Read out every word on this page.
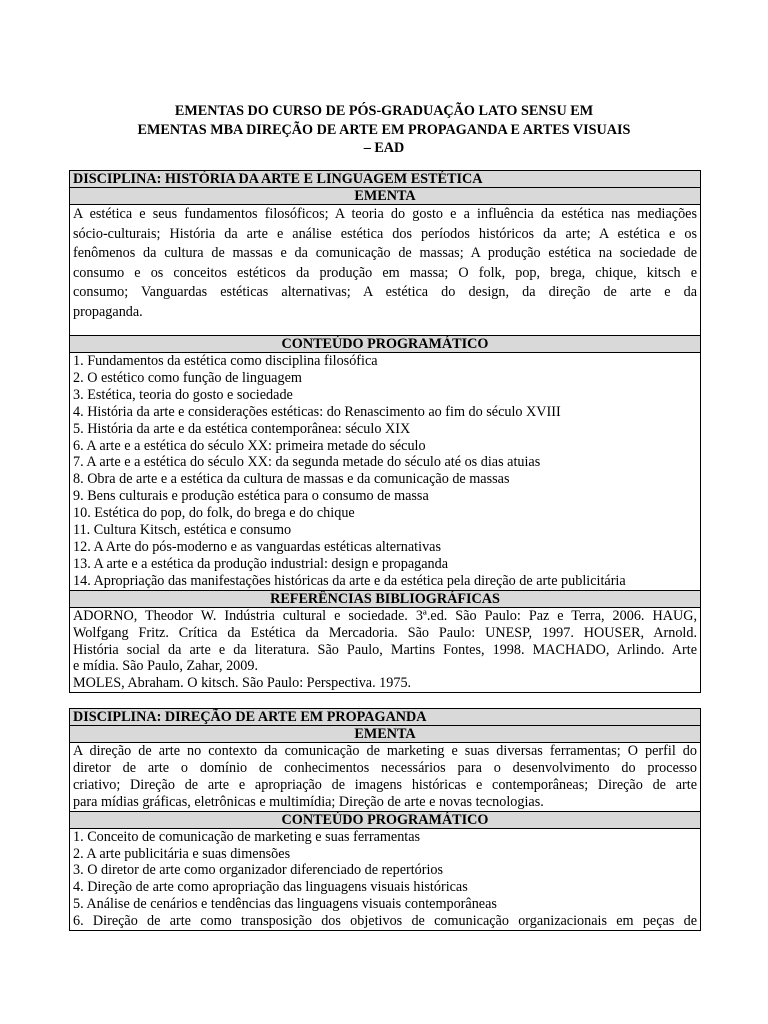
EMENTAS DO CURSO DE PÓS-GRADUAÇÃO LATO SENSU EM
EMENTAS MBA DIREÇÃO DE ARTE EM PROPAGANDA E ARTES VISUAIS
– EAD
DISCIPLINA: HISTÓRIA DA ARTE E LINGUAGEM ESTÉTICA
EMENTA

A estética e seus fundamentos filosóficos; A teoria do gosto e a influência da estética nas mediações
sócio-culturais; História da arte e análise estética dos períodos históricos da arte; A estética e os
fenômenos da cultura de massas e da comunicação de massas; A produção estética na sociedade de
consumo e os conceitos estéticos da produção em massa; O folk, pop, brega, chique, kitsch e
consumo; Vanguardas estéticas alternativas; A estética do design, da direção de arte e da
propaganda.

CONTEÚDO PROGRAMÁTICO

1. Fundamentos da estética como disciplina filosófica
2. O estético como função de linguagem
3. Estética, teoria do gosto e sociedade
4. História da arte e considerações estéticas: do Renascimento ao fim do século XVIII
5. História da arte e da estética contemporânea: século XIX
6. A arte e a estética do século XX: primeira metade do século
7. A arte e a estética do século XX: da segunda metade do século até os dias atuias
8. Obra de arte e a estética da cultura de massas e da comunicação de massas
9. Bens culturais e produção estética para o consumo de massa
10. Estética do pop, do folk, do brega e do chique
11. Cultura Kitsch, estética e consumo
12. A Arte do pós-moderno e as vanguardas estéticas alternativas
13. A arte e a estética da produção industrial: design e propaganda
14. Apropriação das manifestações históricas da arte e da estética pela direção de arte publicitária

REFERÊNCIAS BIBLIOGRÁFICAS

ADORNO, Theodor W. Indústria cultural e sociedade. 3ª.ed. São Paulo: Paz e Terra, 2006. HAUG,
Wolfgang Fritz. Crítica da Estética da Mercadoria. São Paulo: UNESP, 1997. HOUSER, Arnold.
História social da arte e da literatura. São Paulo, Martins Fontes, 1998. MACHADO, Arlindo. Arte
e mídia. São Paulo, Zahar, 2009.
MOLES, Abraham. O kitsch. São Paulo: Perspectiva. 1975.
DISCIPLINA: DIREÇÃO DE ARTE EM PROPAGANDA
EMENTA

A direção de arte no contexto da comunicação de marketing e suas diversas ferramentas; O perfil do
diretor de arte o domínio de conhecimentos necessários para o desenvolvimento do processo
criativo; Direção de arte e apropriação de imagens históricas e contemporâneas; Direção de arte
para mídias gráficas, eletrônicas e multimídia; Direção de arte e novas tecnologias.

CONTEÚDO PROGRAMÁTICO

1. Conceito de comunicação de marketing e suas ferramentas
2. A arte publicitária e suas dimensões
3. O diretor de arte como organizador diferenciado de repertórios
4. Direção de arte como apropriação das linguagens visuais históricas
5. Análise de cenários e tendências das linguagens visuais contemporâneas
6. Direção de arte como transposição dos objetivos de comunicação organizacionais em peças de
